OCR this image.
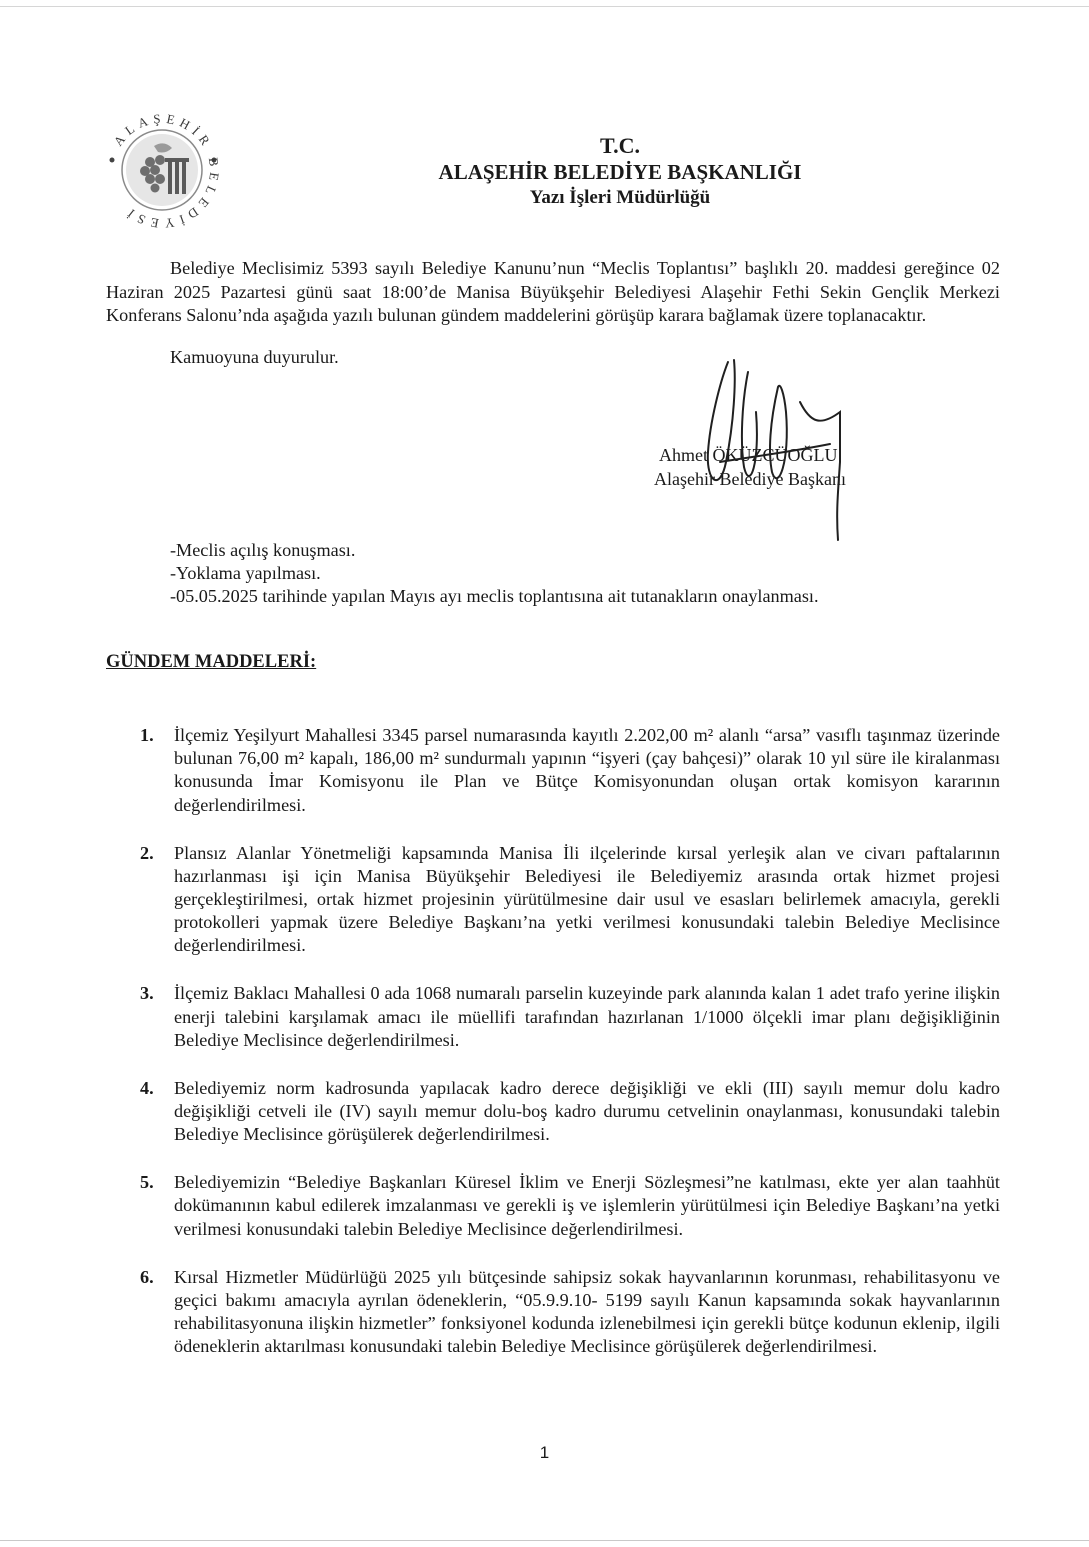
ALAŞEHİR BELEDİYESİ
T.C.
ALAŞEHİR BELEDİYE BAŞKANLIĞI
Yazı İşleri Müdürlüğü
Belediye Meclisimiz 5393 sayılı Belediye Kanunu’nun “Meclis Toplantısı” başlıklı 20. maddesi gereğince 02 Haziran 2025 Pazartesi günü saat 18:00’de Manisa Büyükşehir Belediyesi Alaşehir Fethi Sekin Gençlik Merkezi Konferans Salonu’nda aşağıda yazılı bulunan gündem maddelerini görüşüp karara bağlamak üzere toplanacaktır.
Kamuoyuna duyurulur.
Ahmet ÖKÜZCÜOĞLU
Alaşehir Belediye Başkanı
-Meclis açılış konuşması.
-Yoklama yapılması.
-05.05.2025 tarihinde yapılan Mayıs ayı meclis toplantısına ait tutanakların onaylanması.
GÜNDEM MADDELERİ:
1. İlçemiz Yeşilyurt Mahallesi 3345 parsel numarasında kayıtlı 2.202,00 m² alanlı “arsa” vasıflı taşınmaz üzerinde bulunan 76,00 m² kapalı, 186,00 m² sundurmalı yapının “işyeri (çay bahçesi)” olarak 10 yıl süre ile kiralanması konusunda İmar Komisyonu ile Plan ve Bütçe Komisyonundan oluşan ortak komisyon kararının değerlendirilmesi.
2. Plansız Alanlar Yönetmeliği kapsamında Manisa İli ilçelerinde kırsal yerleşik alan ve civarı paftalarının hazırlanması işi için Manisa Büyükşehir Belediyesi ile Belediyemiz arasında ortak hizmet projesi gerçekleştirilmesi, ortak hizmet projesinin yürütülmesine dair usul ve esasları belirlemek amacıyla, gerekli protokolleri yapmak üzere Belediye Başkanı’na yetki verilmesi konusundaki talebin Belediye Meclisince değerlendirilmesi.
3. İlçemiz Baklacı Mahallesi 0 ada 1068 numaralı parselin kuzeyinde park alanında kalan 1 adet trafo yerine ilişkin enerji talebini karşılamak amacı ile müellifi tarafından hazırlanan 1/1000 ölçekli imar planı değişikliğinin Belediye Meclisince değerlendirilmesi.
4. Belediyemiz norm kadrosunda yapılacak kadro derece değişikliği ve ekli (III) sayılı memur dolu kadro değişikliği cetveli ile (IV) sayılı memur dolu-boş kadro durumu cetvelinin onaylanması, konusundaki talebin Belediye Meclisince görüşülerek değerlendirilmesi.
5. Belediyemizin “Belediye Başkanları Küresel İklim ve Enerji Sözleşmesi”ne katılması, ekte yer alan taahhüt dokümanının kabul edilerek imzalanması ve gerekli iş ve işlemlerin yürütülmesi için Belediye Başkanı’na yetki verilmesi konusundaki talebin Belediye Meclisince değerlendirilmesi.
6. Kırsal Hizmetler Müdürlüğü 2025 yılı bütçesinde sahipsiz sokak hayvanlarının korunması, rehabilitasyonu ve geçici bakımı amacıyla ayrılan ödeneklerin, “05.9.9.10- 5199 sayılı Kanun kapsamında sokak hayvanlarının rehabilitasyonuna ilişkin hizmetler” fonksiyonel kodunda izlenebilmesi için gerekli bütçe kodunun eklenip, ilgili ödeneklerin aktarılması konusundaki talebin Belediye Meclisince görüşülerek değerlendirilmesi.
1
